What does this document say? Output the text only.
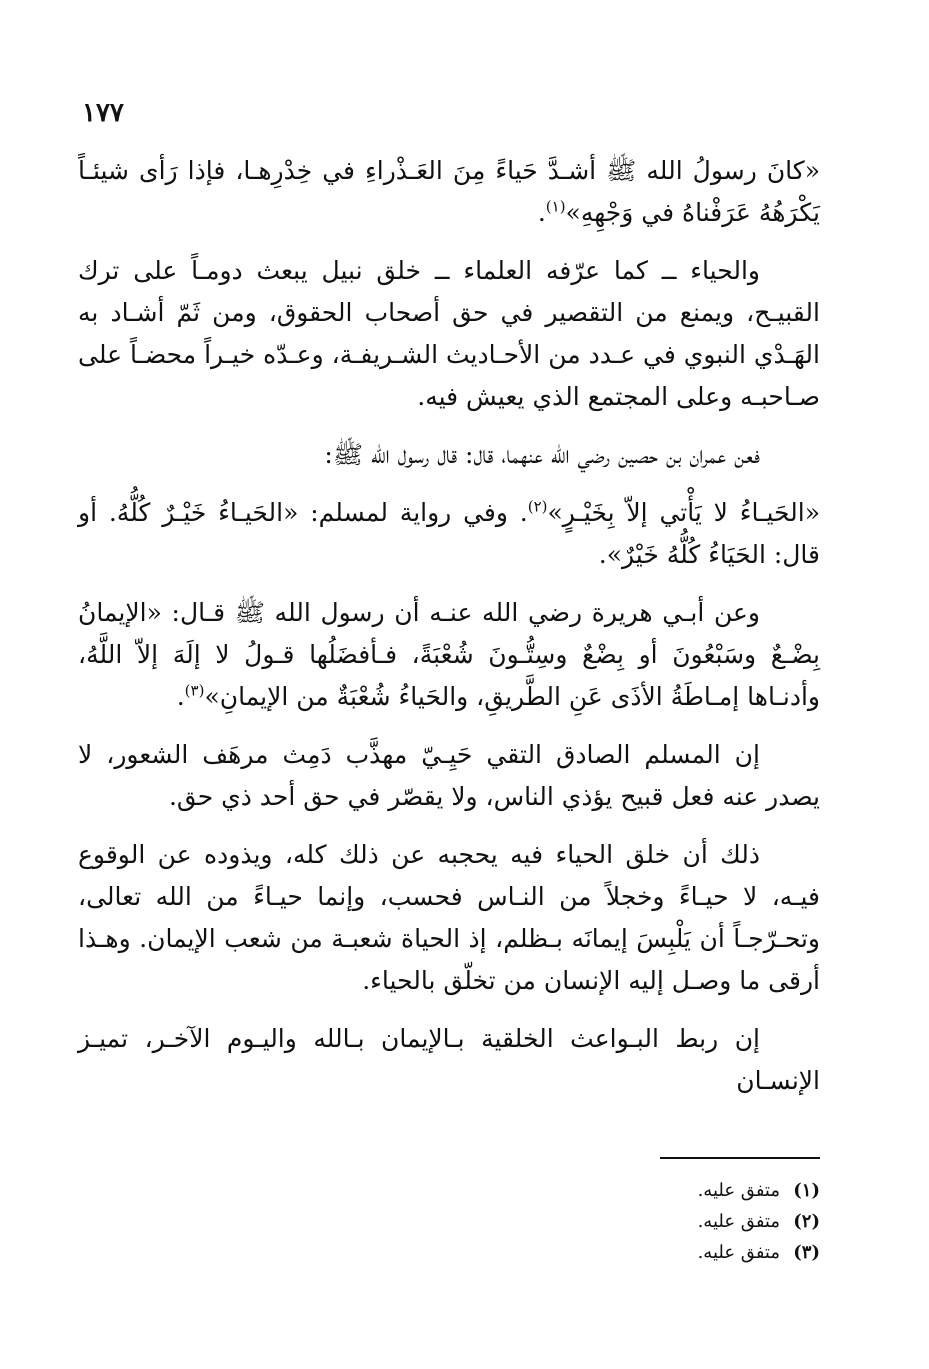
١٧٧

«كانَ رسولُ الله ﷺ أشـدَّ حَياءً مِنَ العَـذْراءِ في خِدْرِهـا، فإذا رَأى شيئـاً يَكْرَهُهُ عَرَفْناهُ في وَجْهِهِ»$^{(١)}$.

والحياء ــ كما عرّفه العلماء ــ خلق نبيل يبعث دومـاً على ترك القبيـح، ويمنع من التقصير في حق أصحاب الحقوق، ومن ثَمّ أشـاد به الهَـدْي النبوي في عـدد من الأحـاديث الشـريفـة، وعـدّه خيـراً محضـاً على صـاحبـه وعلى المجتمع الذي يعيش فيه.

فعن عمران بن حصين رضي الله عنهما، قال: قال رسول الله ﷺ:

«الحَيـاءُ لا يَأْتي إلاّ بِخَيْـرٍ»$^{(٢)}$. وفي رواية لمسلم: «الحَيـاءُ خَيْـرٌ كُلُّهُ. أو قال: الحَيَاءُ كُلُّهُ خَيْرٌ».

وعن أبـي هريرة رضي الله عنـه أن رسول الله ﷺ قـال: «الإيمانُ بِضْـعٌ وسَبْعُونَ أو بِضْعٌ وسِتُّـونَ شُعْبَةً، فـأفضَلُها قـولُ لا إلَهَ إلاّ اللَّهُ، وأدنـاها إمـاطَةُ الأذَى عَنِ الطَّريقِ، والحَياءُ شُعْبَةٌ من الإيمانِ»$^{(٣)}$.

إن المسلم الصادق التقي حَيِـيّ مهذَّب دَمِث مرهَف الشعور، لا يصدر عنه فعل قبيح يؤذي الناس، ولا يقصّر في حق أحد ذي حق.

ذلك أن خلق الحياء فيه يحجبه عن ذلك كله، ويذوده عن الوقوع فيـه، لا حيـاءً وخجلاً من النـاس فحسب، وإنما حيـاءً من الله تعالى، وتحـرّجـاً أن يَلْبِسَ إيمانَه بـظلم، إذ الحياة شعبـة من شعب الإيمان. وهـذا أرقى ما وصـل إليه الإنسان من تخلّق بالحياء.

إن ربط البـواعث الخلقية بـالإيمان بـالله واليـوم الآخـر، تميـز الإنسـان

(١)متفق عليه.
(٢)متفق عليه.
(٣)متفق عليه.
